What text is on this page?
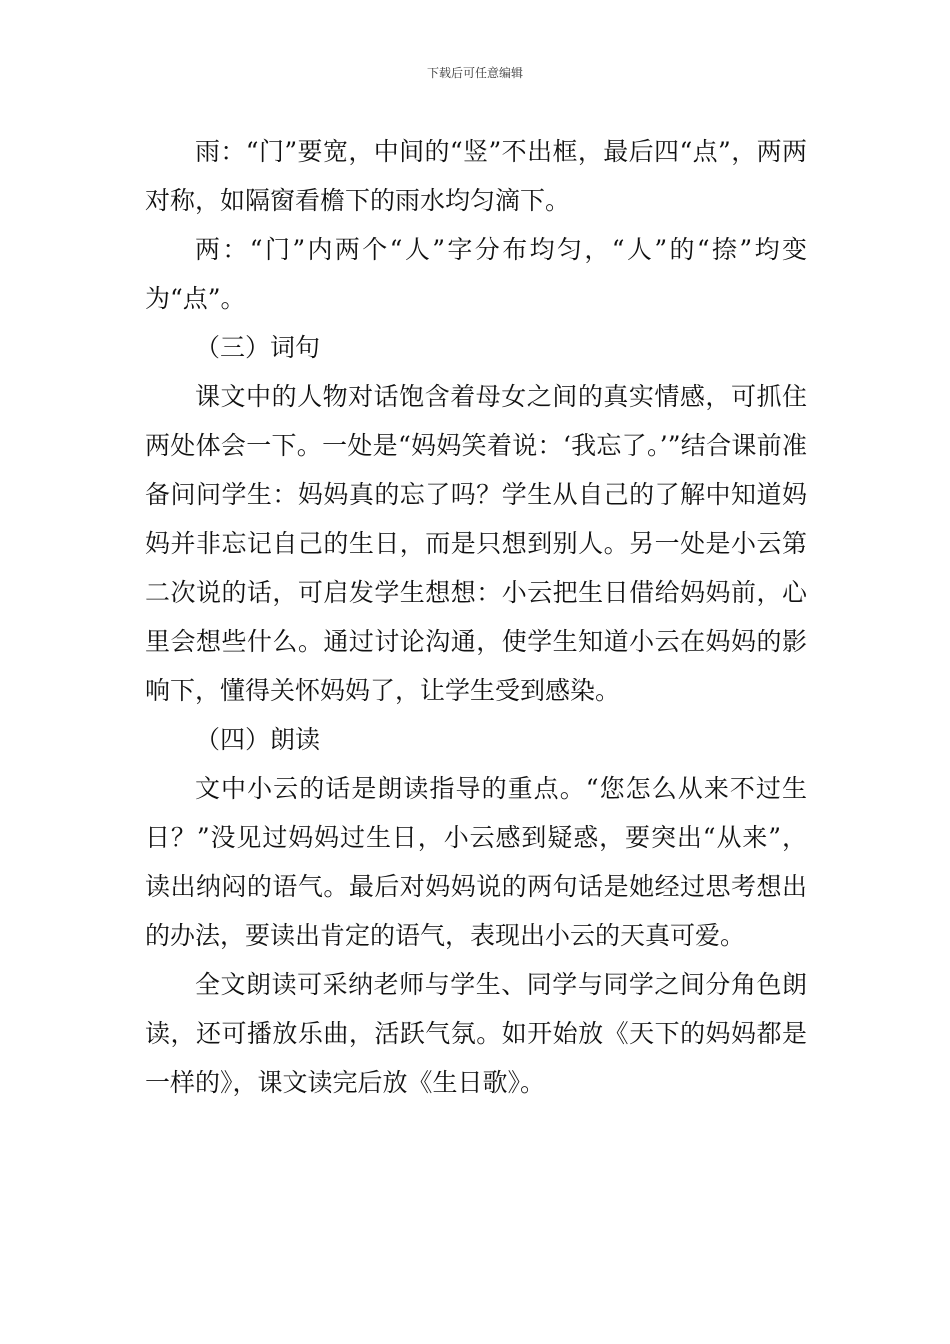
下载后可任意编辑

雨：“门”要宽，中间的“竖”不出框，最后四“点”，两两对称，如隔窗看檐下的雨水均匀滴下。

两：“门”内两个“人”字分布均匀，“人”的“捺”均变为“点”。

（三）词句

课文中的人物对话饱含着母女之间的真实情感，可抓住两处体会一下。一处是“妈妈笑着说：‘我忘了。’”结合课前准备问问学生：妈妈真的忘了吗？学生从自己的了解中知道妈妈并非忘记自己的生日，而是只想到别人。另一处是小云第二次说的话，可启发学生想想：小云把生日借给妈妈前，心里会想些什么。通过讨论沟通，使学生知道小云在妈妈的影响下，懂得关怀妈妈了，让学生受到感染。

（四）朗读

文中小云的话是朗读指导的重点。“您怎么从来不过生日？”没见过妈妈过生日，小云感到疑惑，要突出“从来”，读出纳闷的语气。最后对妈妈说的两句话是她经过思考想出的办法，要读出肯定的语气，表现出小云的天真可爱。

全文朗读可采纳老师与学生、同学与同学之间分角色朗读，还可播放乐曲，活跃气氛。如开始放《天下的妈妈都是一样的》，课文读完后放《生日歌》。
